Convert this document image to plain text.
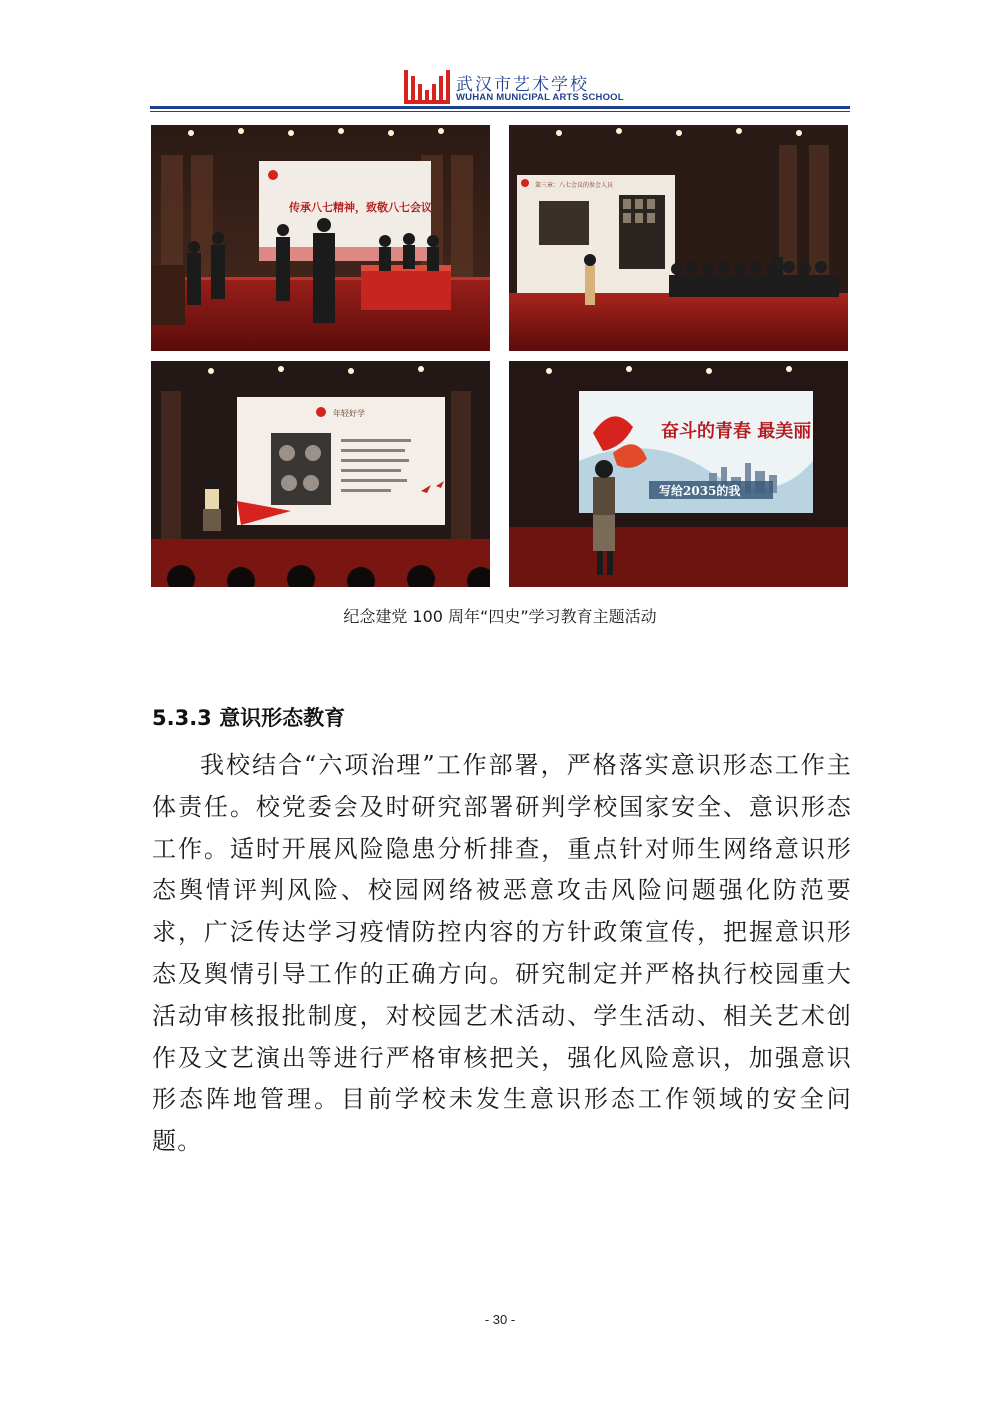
武汉市艺术学校
WUHAN MUNICIPAL ARTS SCHOOL
传承八七精神，致敬八七会议
第三章：八七会议的参会人员
年轻好学
奋斗的青春 最美丽
写给2035的我
纪念建党 100 周年“四史”学习教育主题活动
5.3.3 意识形态教育
我校结合“六项治理”工作部署，严格落实意识形态工作主体责任。校党委会及时研究部署研判学校国家安全、意识形态工作。适时开展风险隐患分析排查，重点针对师生网络意识形态舆情评判风险、校园网络被恶意攻击风险问题强化防范要求，广泛传达学习疫情防控内容的方针政策宣传，把握意识形态及舆情引导工作的正确方向。研究制定并严格执行校园重大活动审核报批制度，对校园艺术活动、学生活动、相关艺术创作及文艺演出等进行严格审核把关，强化风险意识，加强意识形态阵地管理。目前学校未发生意识形态工作领域的安全问题。
- 30 -
